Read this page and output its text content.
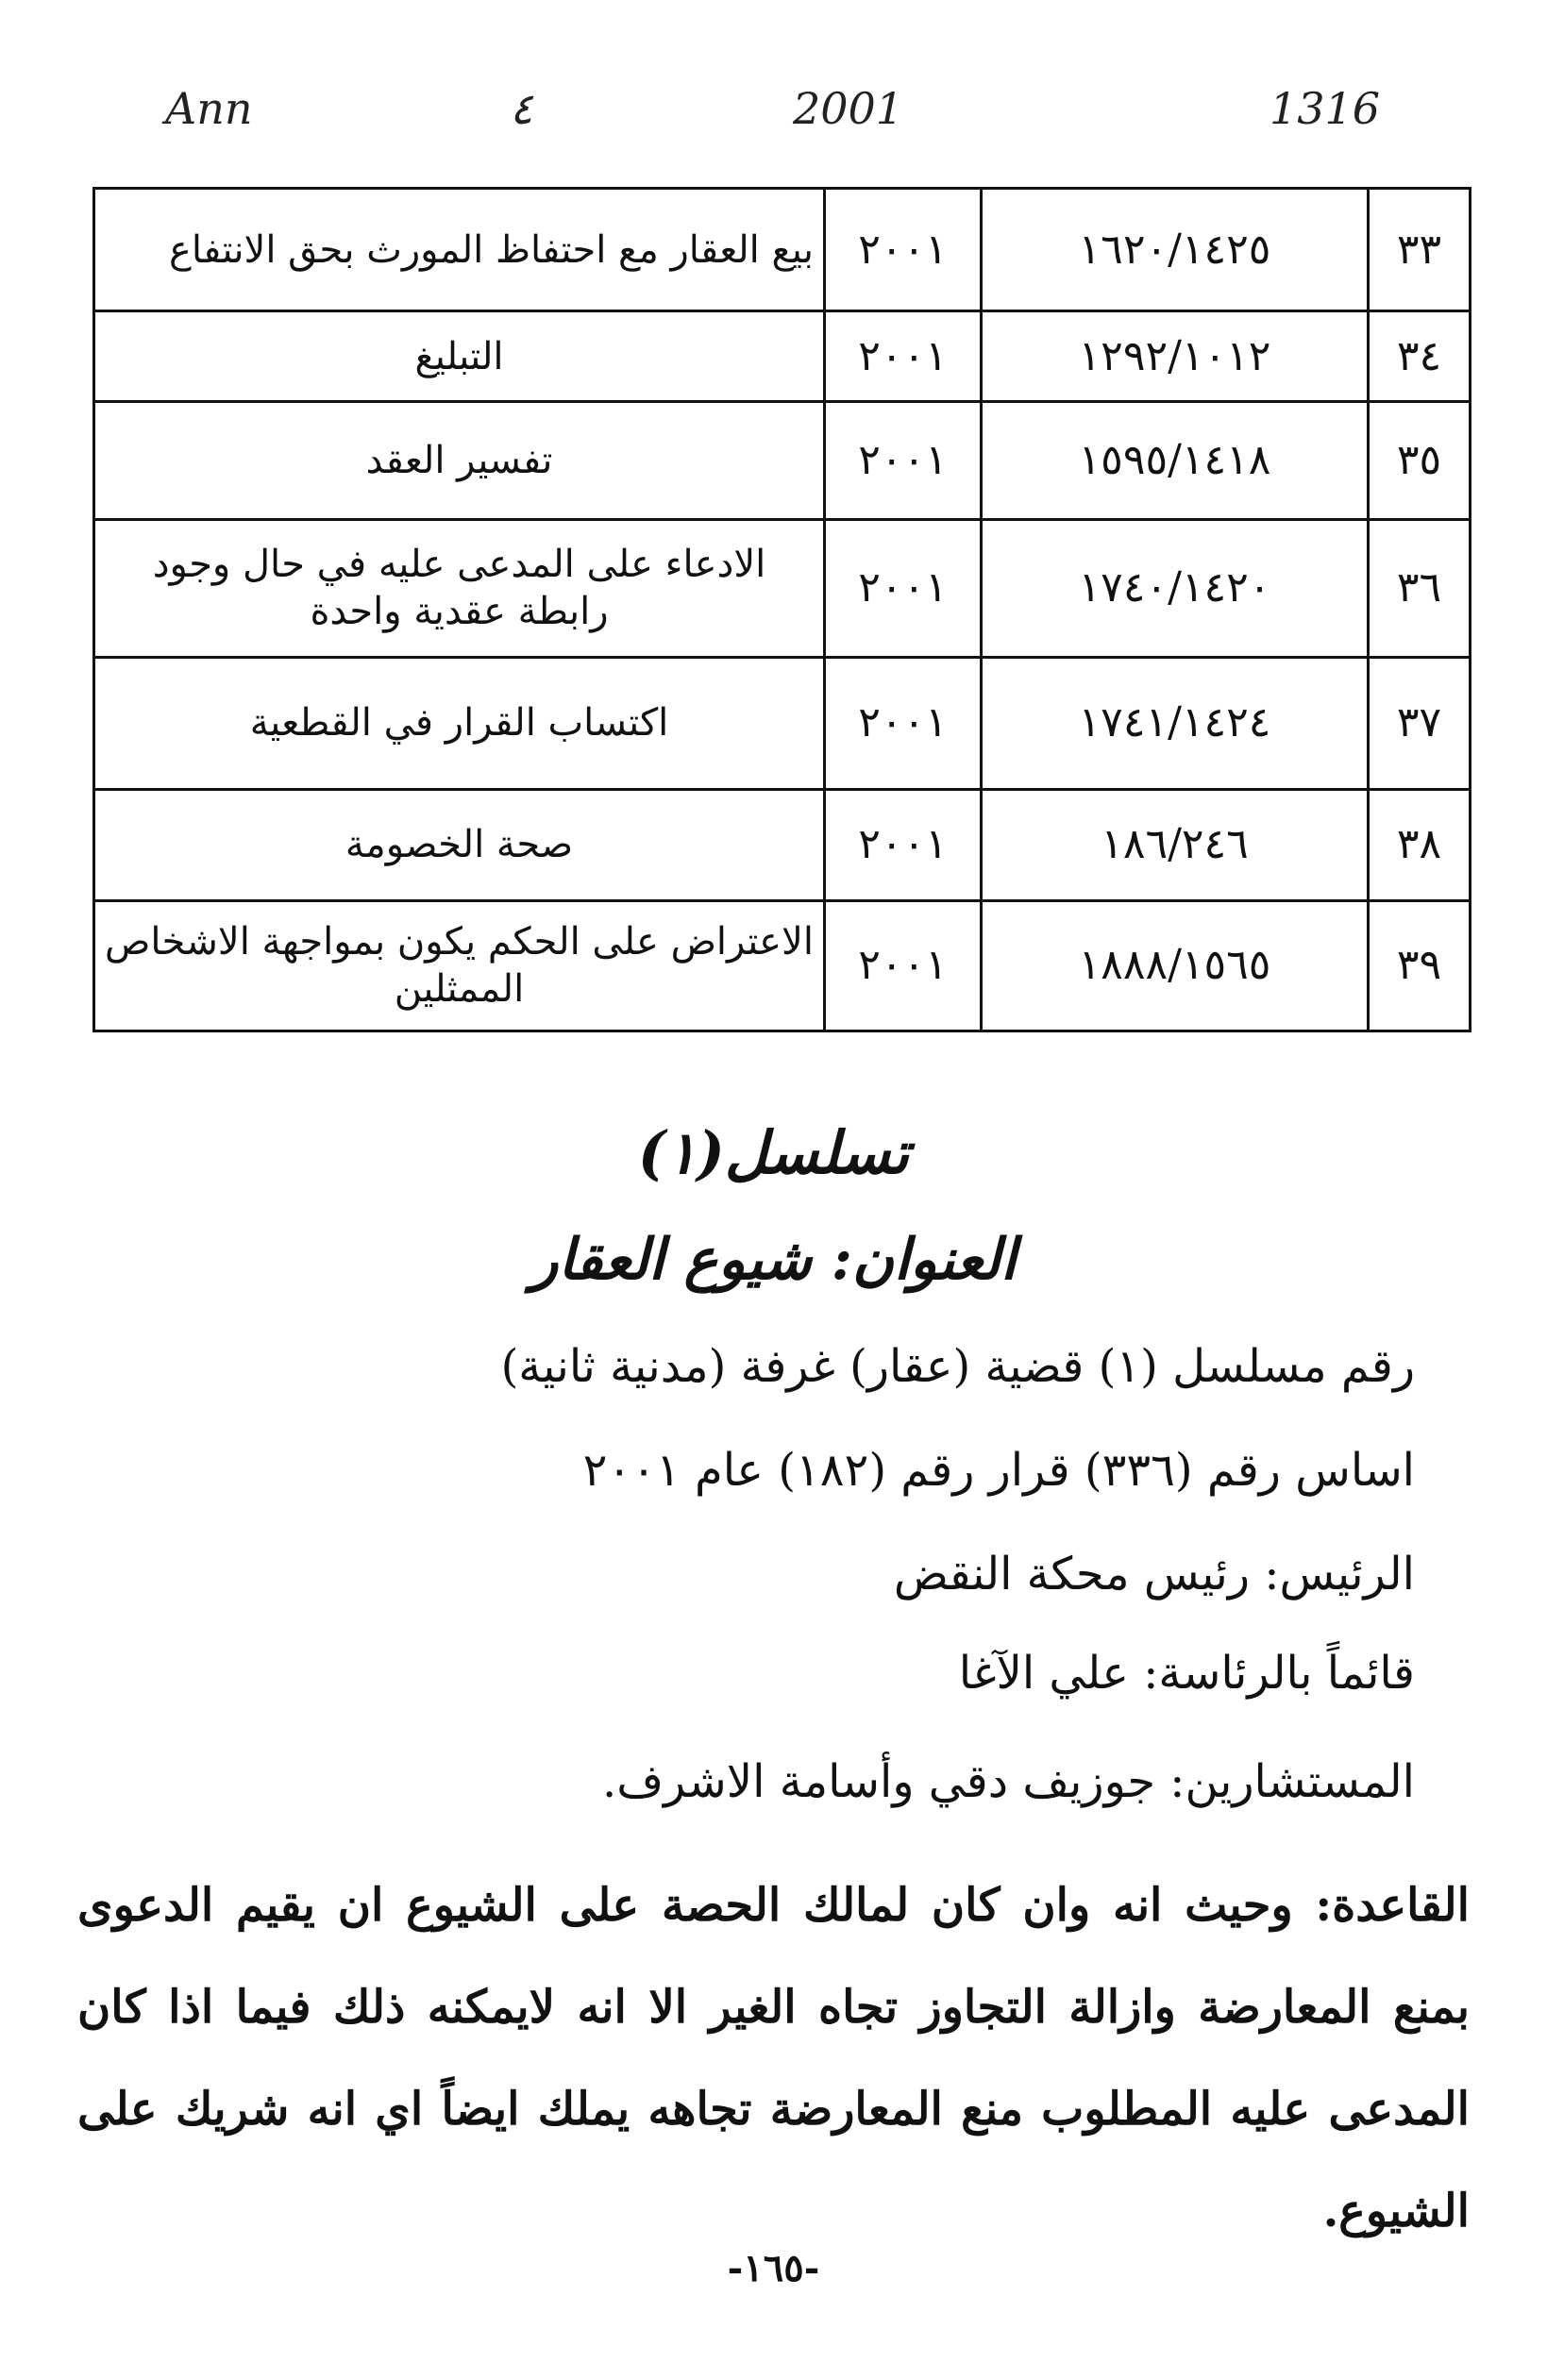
Ann	٤	2001	1316
٣٣	١٦٢٠/١٤٢٥	٢٠٠١	بيع العقار مع احتفاظ المورث بحق الانتفاع
٣٤	١٢٩٢/١٠١٢	٢٠٠١	التبليغ
٣٥	١٥٩٥/١٤١٨	٢٠٠١	تفسير العقد
٣٦	١٧٤٠/١٤٢٠	٢٠٠١	الادعاء على المدعى عليه في حال وجود رابطة عقدية واحدة
٣٧	١٧٤١/١٤٢٤	٢٠٠١	اكتساب القرار في القطعية
٣٨	١٨٦/٢٤٦	٢٠٠١	صحة الخصومة
٣٩	١٨٨٨/١٥٦٥	٢٠٠١	الاعتراض على الحكم يكون بمواجهة الاشخاص الممثلين
تسلسل(١)
العنوان: شيوع العقار
رقم مسلسل (١) قضية (عقار) غرفة (مدنية ثانية)
اساس رقم (٣٣٦) قرار رقم (١٨٢) عام ٢٠٠١
الرئيس: رئيس محكة النقض
قائماً بالرئاسة: علي الآغا
المستشارين: جوزيف دقي وأسامة الاشرف.
القاعدة: وحيث انه وان كان لمالك الحصة على الشيوع ان يقيم الدعوى بمنع المعارضة وازالة التجاوز تجاه الغير الا انه لايمكنه ذلك فيما اذا كان المدعى عليه المطلوب منع المعارضة تجاهه يملك ايضاً اي انه شريك على الشيوع.
-١٦٥-
